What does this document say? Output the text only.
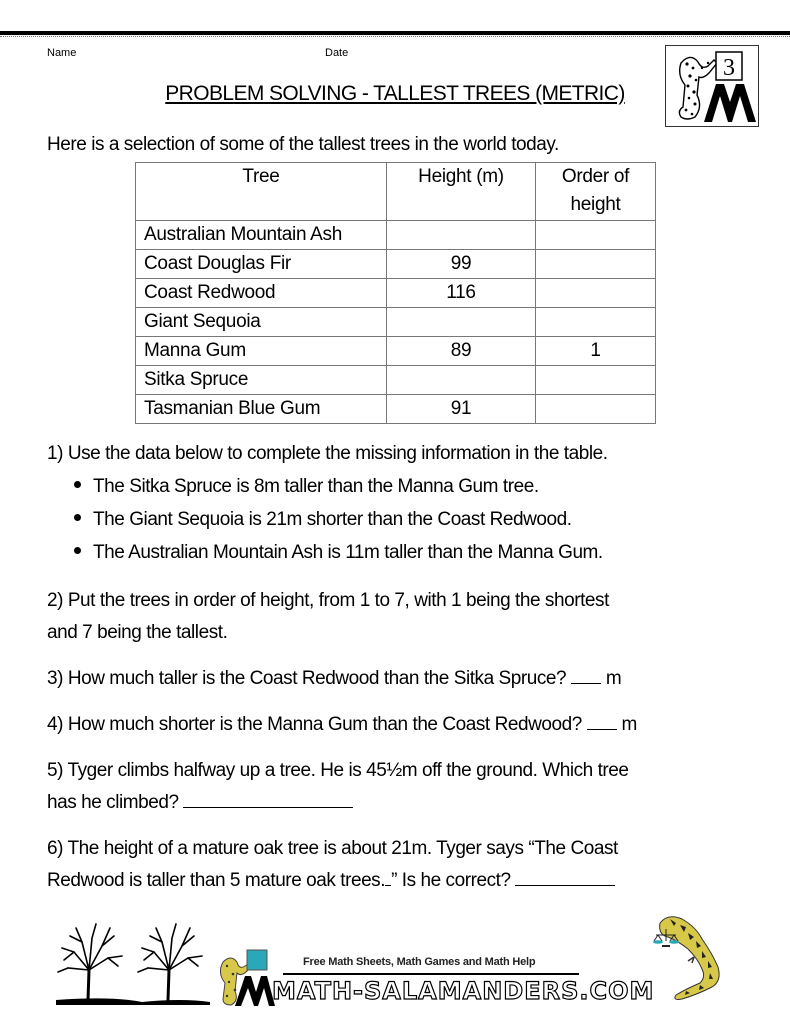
Name	Date
PROBLEM SOLVING - TALLEST TREES (METRIC)
3
Here is a selection of some of the tallest trees in the world today.
Tree	Height (m)	Order of
height
Australian Mountain Ash		
Coast Douglas Fir	99	
Coast Redwood	116	
Giant Sequoia		
Manna Gum	89	1
Sitka Spruce		
Tasmanian Blue Gum	91	
1) Use the data below to complete the missing information in the table.
The Sitka Spruce is 8m taller than the Manna Gum tree.
The Giant Sequoia is 21m shorter than the Coast Redwood.
The Australian Mountain Ash is 11m taller than the Manna Gum.
2) Put the trees in order of height, from 1 to 7, with 1 being the shortest
and 7 being the tallest.
3) How much taller is the Coast Redwood than the Sitka Spruce? m
4) How much shorter is the Manna Gum than the Coast Redwood? m
5) Tyger climbs halfway up a tree. He is 45½m off the ground. Which tree
has he climbed?
6) The height of a mature oak tree is about 21m. Tyger says “The Coast
Redwood is taller than 5 mature oak trees. ” Is he correct?
Free Math Sheets, Math Games and Math Help
MATH-SALAMANDERS.COM
